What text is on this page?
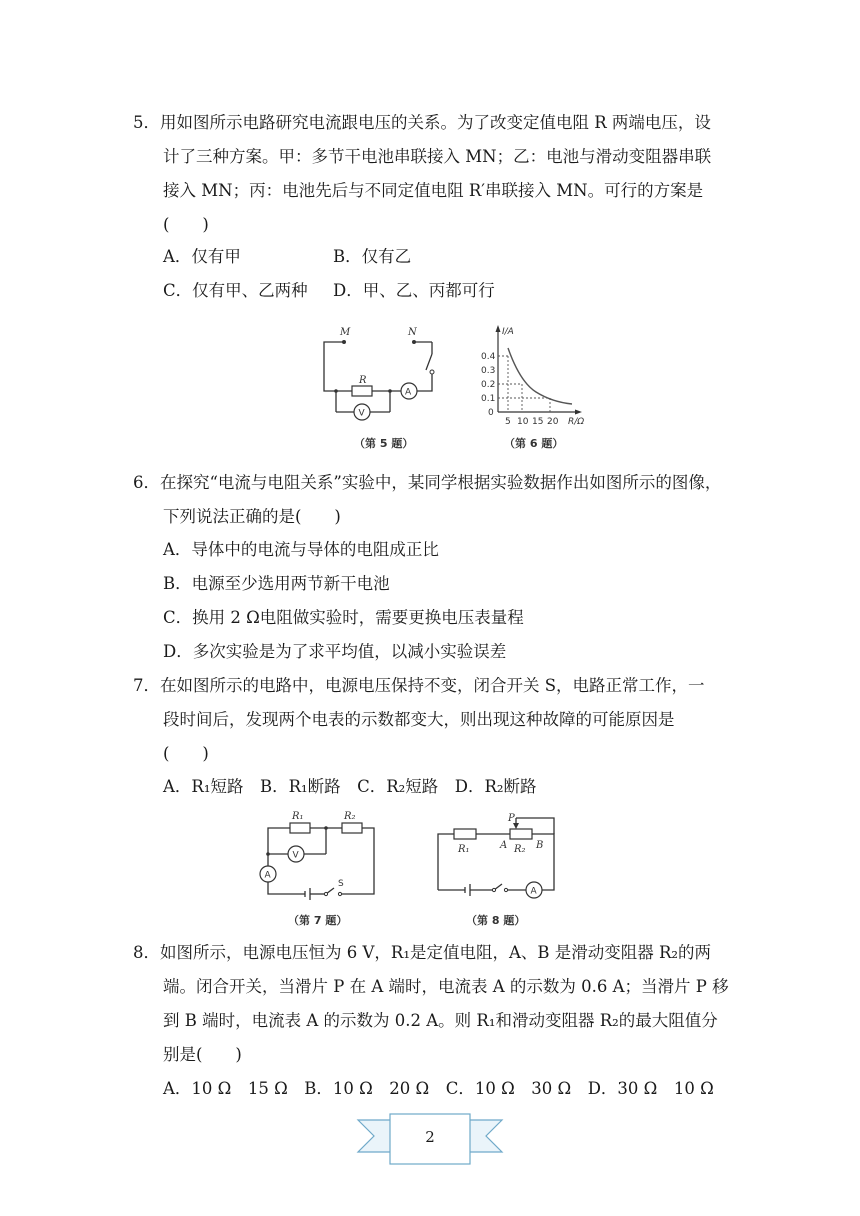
5．用如图所示电路研究电流跟电压的关系。为了改变定值电阻 R 两端电压，设
计了三种方案。甲：多节干电池串联接入 MN；乙：电池与滑动变阻器串联
接入 MN；丙：电池先后与不同定值电阻 R′串联接入 MN。可行的方案是
(　　)
A．仅有甲	B．仅有乙
C．仅有甲、乙两种 D．甲、乙、丙都可行
M	N
R
A
V
（第 5 题）
I/A
0.4
0.3
0.2
0.1
0
5 10 15 20 R/Ω
（第 6 题）
6．在探究“电流与电阻关系”实验中，某同学根据实验数据作出如图所示的图像，
下列说法正确的是(　　)
A．导体中的电流与导体的电阻成正比
B．电源至少选用两节新干电池
C．换用 2 Ω电阻做实验时，需要更换电压表量程
D．多次实验是为了求平均值，以减小实验误差
7．在如图所示的电路中，电源电压保持不变，闭合开关 S，电路正常工作，一
段时间后，发现两个电表的示数都变大，则出现这种故障的可能原因是
(　　)
A．R₁短路　B．R₁断路　C．R₂短路　D．R₂断路
R₁	R₂
V
A
S
（第 7 题）
R₁	R₂
P
A	B
A
（第 8 题）
8．如图所示，电源电压恒为 6 V，R₁是定值电阻，A、B 是滑动变阻器 R₂的两
端。闭合开关，当滑片 P 在 A 端时，电流表 A 的示数为 0.6 A；当滑片 P 移
到 B 端时，电流表 A 的示数为 0.2 A。则 R₁和滑动变阻器 R₂的最大阻值分
别是(　　)
A．10 Ω　15 Ω　B．10 Ω　20 Ω　C．10 Ω　30 Ω　D．30 Ω　10 Ω
2
